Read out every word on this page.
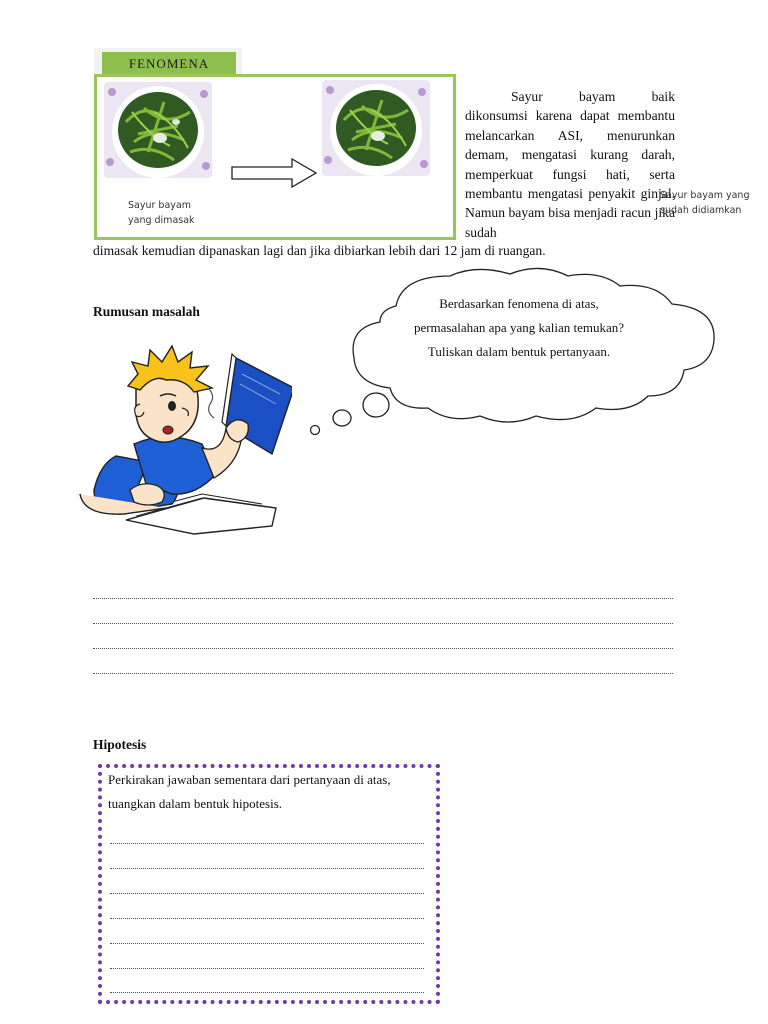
FENOMENA
Sayur bayam
yang dimasak
Sayur bayam baik dikonsumsi karena dapat membantu melancarkan ASI, menurunkan demam, mengatasi kurang darah, memperkuat fungsi hati, serta membantu mengatasi penyakit ginjal. Namun bayam bisa menjadi racun jika sudah
Sayur bayam yang
sudah didiamkan
dimasak kemudian dipanaskan lagi dan jika dibiarkan lebih dari 12 jam di ruangan.
Rumusan masalah
Berdasarkan fenomena di atas, permasalahan apa yang kalian temukan? Tuliskan dalam bentuk pertanyaan.
Hipotesis
Perkirakan jawaban sementara dari pertanyaan di atas, tuangkan dalam bentuk hipotesis.
